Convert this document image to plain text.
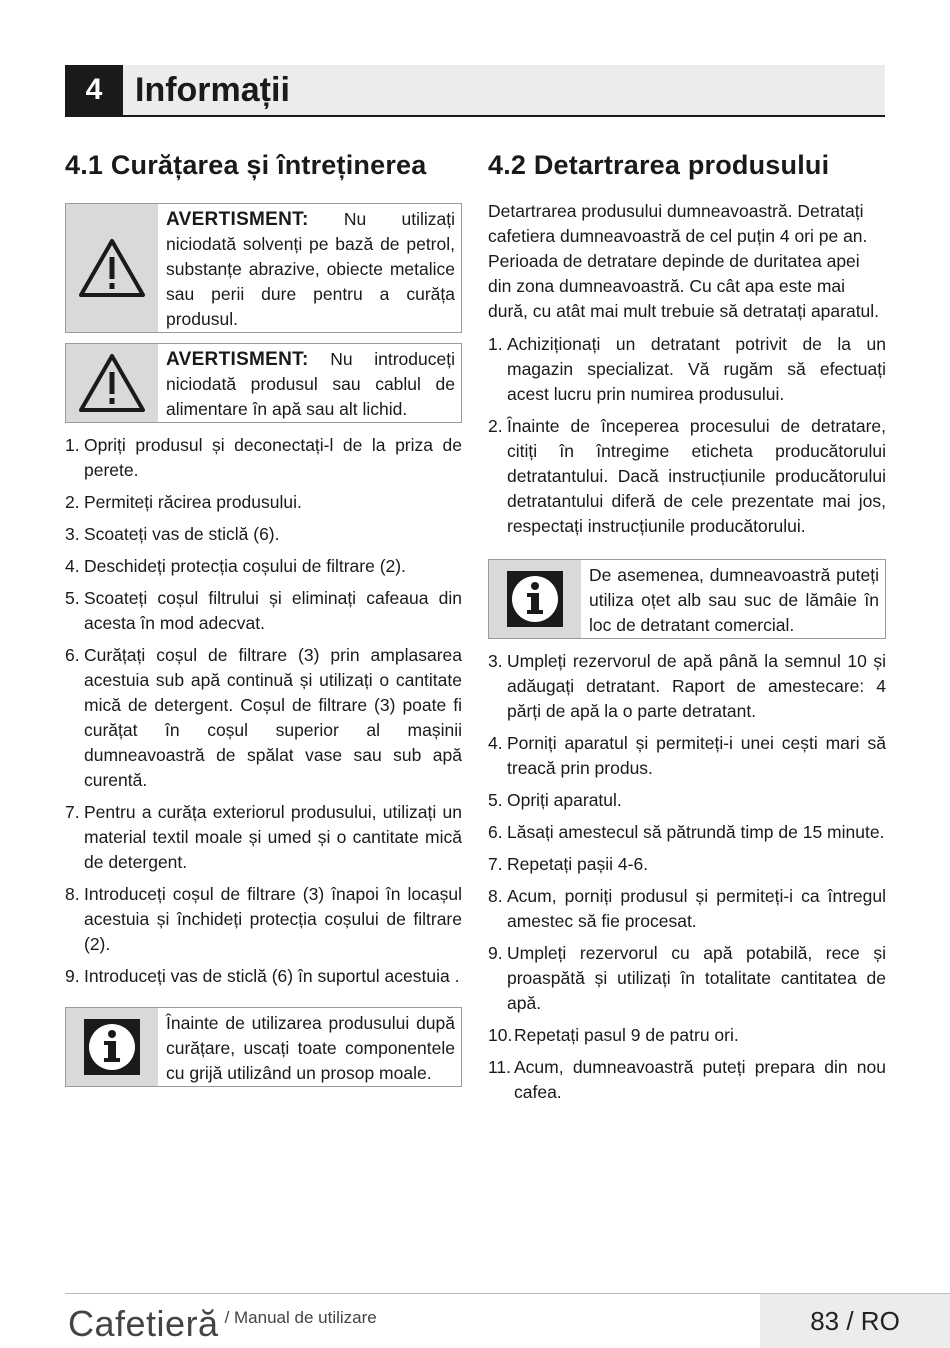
4 Informații
4.1 Curățarea și întreținerea
AVERTISMENT: Nu utilizați niciodată solvenți pe bază de petrol, substanțe abrazive, obiecte metalice sau perii dure pentru a curăța produsul.
AVERTISMENT: Nu introduceți niciodată produsul sau cablul de alimentare în apă sau alt lichid.
1. Opriți produsul și deconectați-l de la priza de perete.
2. Permiteți răcirea produsului.
3. Scoateți vas de sticlă (6).
4. Deschideți protecția coșului de filtrare (2).
5. Scoateți coșul filtrului și eliminați cafeaua din acesta în mod adecvat.
6. Curățați coșul de filtrare (3) prin amplasarea acestuia sub apă continuă și utilizați o cantitate mică de detergent. Coșul de filtrare (3) poate fi curățat în coșul superior al mașinii dumneavoastră de spălat vase sau sub apă curentă.
7. Pentru a curăța exteriorul produsului, utilizați un material textil moale și umed și o cantitate mică de detergent.
8. Introduceți coșul de filtrare (3) înapoi în locașul acestuia și închideți protecția coșului de filtrare (2).
9. Introduceți vas de sticlă (6) în suportul acestuia .
Înainte de utilizarea produsului după curățare, uscați toate componentele cu grijă utilizând un prosop moale.
4.2 Detartrarea produsului

Detartrarea produsului dumneavoastră. Detratați cafetiera dumneavoastră de cel puțin 4 ori pe an. Perioada de detratare depinde de duritatea apei din zona dumneavoastră. Cu cât apa este mai dură, cu atât mai mult trebuie să detratați aparatul.

1. Achiziționați un detratant potrivit de la un magazin specializat. Vă rugăm să efectuați acest lucru prin numirea produsului.
2. Înainte de începerea procesului de detratare, citiți în întregime eticheta producătorului detratantului. Dacă instrucțiunile producătorului detratantului diferă de cele prezentate mai jos, respectați instrucțiunile producătorului.
De asemenea, dumneavoastră puteți utiliza oțet alb sau suc de lămâie în loc de detratant comercial.
3. Umpleți rezervorul de apă până la semnul 10 și adăugați detratant. Raport de amestecare: 4 părți de apă la o parte detratant.
4. Porniți aparatul și permiteți-i unei cești mari să treacă prin produs.
5. Opriți aparatul.
6. Lăsați amestecul să pătrundă timp de 15 minute.
7. Repetați pașii 4-6.
8. Acum, porniți produsul și permiteți-i ca întregul amestec să fie procesat.
9. Umpleți rezervorul cu apă potabilă, rece și proaspătă și utilizați în totalitate cantitatea de apă.
10. Repetați pasul 9 de patru ori.
11. Acum, dumneavoastră puteți prepara din nou cafea.
Cafetieră / Manual de utilizare	83 / RO
